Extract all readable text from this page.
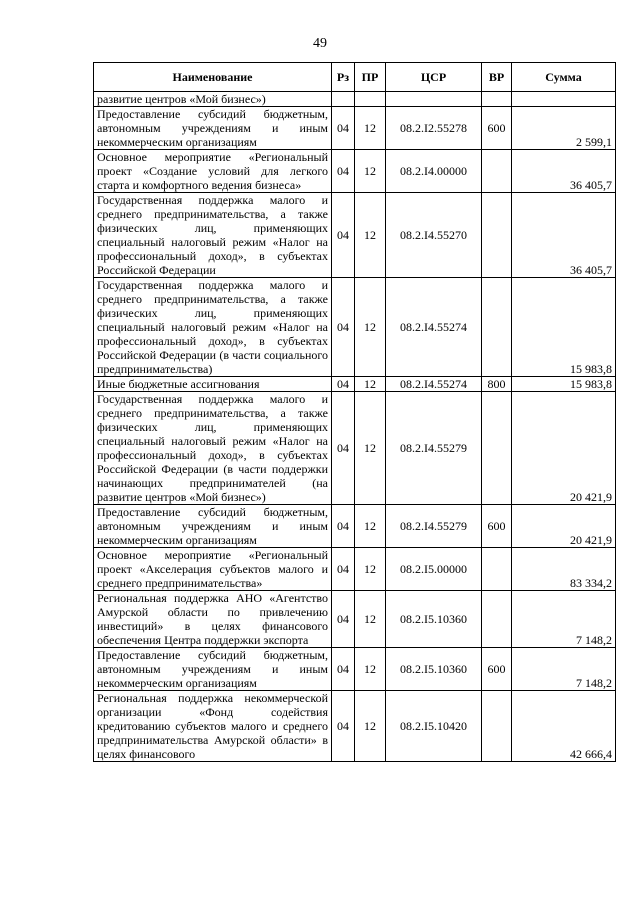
49
Наименование	Рз	ПР	ЦСР	ВР	Сумма
развитие центров «Мой бизнес»)					
Предоставление субсидий бюджетным, автономным учреждениям и иным некоммерческим организациям	04	12	08.2.I2.55278	600	2 599,1
Основное мероприятие «Региональный проект «Создание условий для легкого старта и комфортного ведения бизнеса»	04	12	08.2.I4.00000		36 405,7
Государственная поддержка малого и среднего предпринимательства, а также физических лиц, применяющих специальный налоговый режим «Налог на профессиональный доход», в субъектах Российской Федерации	04	12	08.2.I4.55270		36 405,7
Государственная поддержка малого и среднего предпринимательства, а также физических лиц, применяющих специальный налоговый режим «Налог на профессиональный доход», в субъектах Российской Федерации (в части социального предпринимательства)	04	12	08.2.I4.55274		15 983,8
Иные бюджетные ассигнования	04	12	08.2.I4.55274	800	15 983,8
Государственная поддержка малого и среднего предпринимательства, а также физических лиц, применяющих специальный налоговый режим «Налог на профессиональный доход», в субъектах Российской Федерации (в части поддержки начинающих предпринимателей (на развитие центров «Мой бизнес»)	04	12	08.2.I4.55279		20 421,9
Предоставление субсидий бюджетным, автономным учреждениям и иным некоммерческим организациям	04	12	08.2.I4.55279	600	20 421,9
Основное мероприятие «Региональный проект «Акселерация субъектов малого и среднего предпринимательства»	04	12	08.2.I5.00000		83 334,2
Региональная поддержка АНО «Агентство Амурской области по привлечению инвестиций» в целях финансового обеспечения Центра поддержки экспорта	04	12	08.2.I5.10360		7 148,2
Предоставление субсидий бюджетным, автономным учреждениям и иным некоммерческим организациям	04	12	08.2.I5.10360	600	7 148,2
Региональная поддержка некоммерческой организации «Фонд содействия кредитованию субъектов малого и среднего предпринимательства Амурской области» в целях финансового	04	12	08.2.I5.10420		42 666,4
